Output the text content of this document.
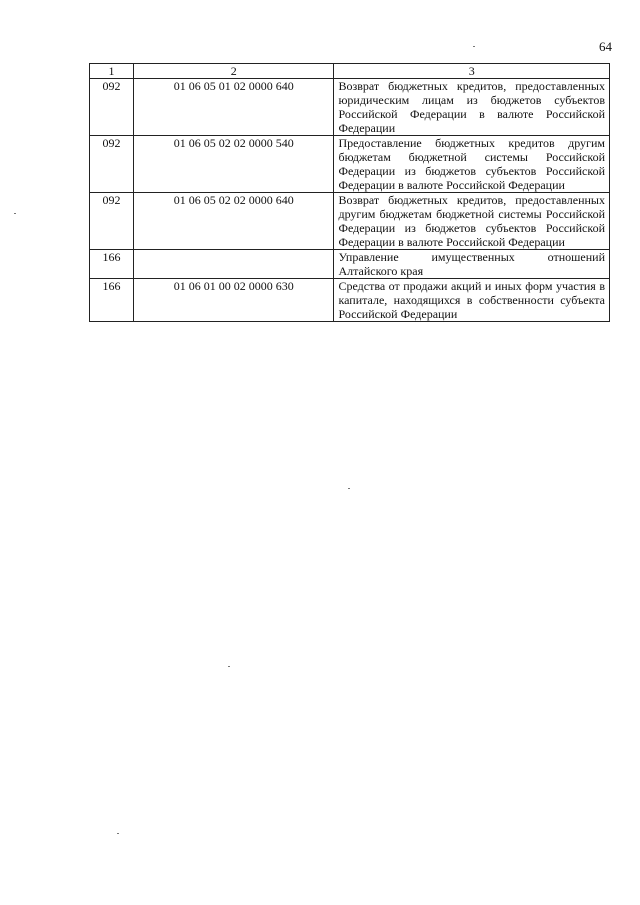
64
1	2	3
092	01 06 05 01 02 0000 640	Возврат бюджетных кредитов, предоставленных юридическим лицам из бюджетов субъектов Российской Федерации в валюте Российской Федерации
092	01 06 05 02 02 0000 540	Предоставление бюджетных кредитов другим бюджетам бюджетной системы Российской Федерации из бюджетов субъектов Российской Федерации в валюте Российской Федерации
092	01 06 05 02 02 0000 640	Возврат бюджетных кредитов, предоставленных другим бюджетам бюджетной системы Российской Федерации из бюджетов субъектов Российской Федерации в валюте Российской Федерации
166		Управление имущественных отношений Алтайского края
166	01 06 01 00 02 0000 630	Средства от продажи акций и иных форм участия в капитале, находящихся в собственности субъекта Российской Федерации
